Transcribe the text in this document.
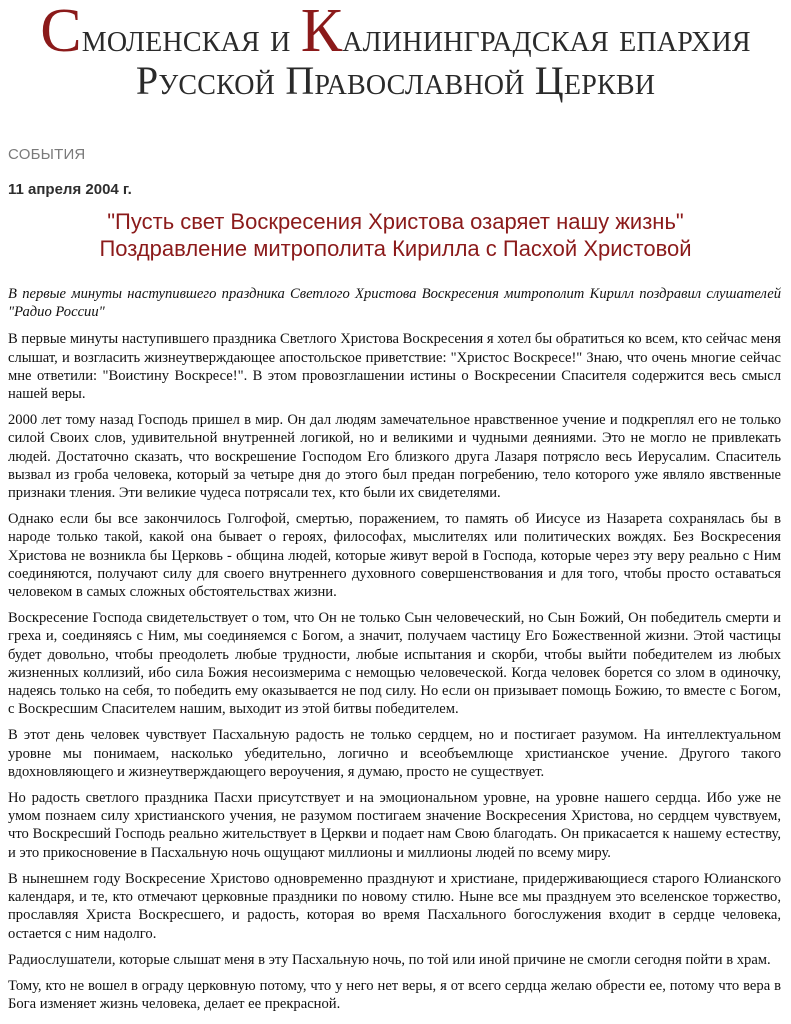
Смоленская и Калининградская епархия
Русской Православной Церкви
СОБЫТИЯ
11 апреля 2004 г.
"Пусть свет Воскресения Христова озаряет нашу жизнь"
Поздравление митрополита Кирилла с Пасхой Христовой

В первые минуты наступившего праздника Светлого Христова Воскресения митрополит Кирилл поздравил слушателей "Радио России"

В первые минуты наступившего праздника Светлого Христова Воскресения я хотел бы обратиться ко всем, кто сейчас меня слышат, и возгласить жизнеутверждающее апостольское приветствие: "Христос Воскресе!" Знаю, что очень многие сейчас мне ответили: "Воистину Воскресе!". В этом провозглашении истины о Воскресении Спасителя содержится весь смысл нашей веры.

2000 лет тому назад Господь пришел в мир. Он дал людям замечательное нравственное учение и подкреплял его не только силой Своих слов, удивительной внутренней логикой, но и великими и чудными деяниями. Это не могло не привлекать людей. Достаточно сказать, что воскрешение Господом Его близкого друга Лазаря потрясло весь Иерусалим. Спаситель вызвал из гроба человека, который за четыре дня до этого был предан погребению, тело которого уже являло явственные признаки тления. Эти великие чудеса потрясали тех, кто были их свидетелями.

Однако если бы все закончилось Голгофой, смертью, поражением, то память об Иисусе из Назарета сохранялась бы в народе только такой, какой она бывает о героях, философах, мыслителях или политических вождях. Без Воскресения Христова не возникла бы Церковь - община людей, которые живут верой в Господа, которые через эту веру реально с Ним соединяются, получают силу для своего внутреннего духовного совершенствования и для того, чтобы просто оставаться человеком в самых сложных обстоятельствах жизни.

Воскресение Господа свидетельствует о том, что Он не только Сын человеческий, но Сын Божий, Он победитель смерти и греха и, соединяясь с Ним, мы соединяемся с Богом, а значит, получаем частицу Его Божественной жизни. Этой частицы будет довольно, чтобы преодолеть любые трудности, любые испытания и скорби, чтобы выйти победителем из любых жизненных коллизий, ибо сила Божия несоизмерима с немощью человеческой. Когда человек борется со злом в одиночку, надеясь только на себя, то победить ему оказывается не под силу. Но если он призывает помощь Божию, то вместе с Богом, с Воскресшим Спасителем нашим, выходит из этой битвы победителем.

В этот день человек чувствует Пасхальную радость не только сердцем, но и постигает разумом. На интеллектуальном уровне мы понимаем, насколько убедительно, логично и всеобъемлюще христианское учение. Другого такого вдохновляющего и жизнеутверждающего вероучения, я думаю, просто не существует.

Но радость светлого праздника Пасхи присутствует и на эмоциональном уровне, на уровне нашего сердца. Ибо уже не умом познаем силу христианского учения, не разумом постигаем значение Воскресения Христова, но сердцем чувствуем, что Воскресший Господь реально жительствует в Церкви и подает нам Свою благодать. Он прикасается к нашему естеству, и это прикосновение в Пасхальную ночь ощущают миллионы и миллионы людей по всему миру.

В нынешнем году Воскресение Христово одновременно празднуют и христиане, придерживающиеся старого Юлианского календаря, и те, кто отмечают церковные праздники по новому стилю. Ныне все мы празднуем это вселенское торжество, прославляя Христа Воскресшего, и радость, которая во время Пасхального богослужения входит в сердце человека, остается с ним надолго.

Радиослушатели, которые слышат меня в эту Пасхальную ночь, по той или иной причине не смогли сегодня пойти в храм.

Тому, кто не вошел в ограду церковную потому, что у него нет веры, я от всего сердца желаю обрести ее, потому что вера в Бога изменяет жизнь человека, делает ее прекрасной.
